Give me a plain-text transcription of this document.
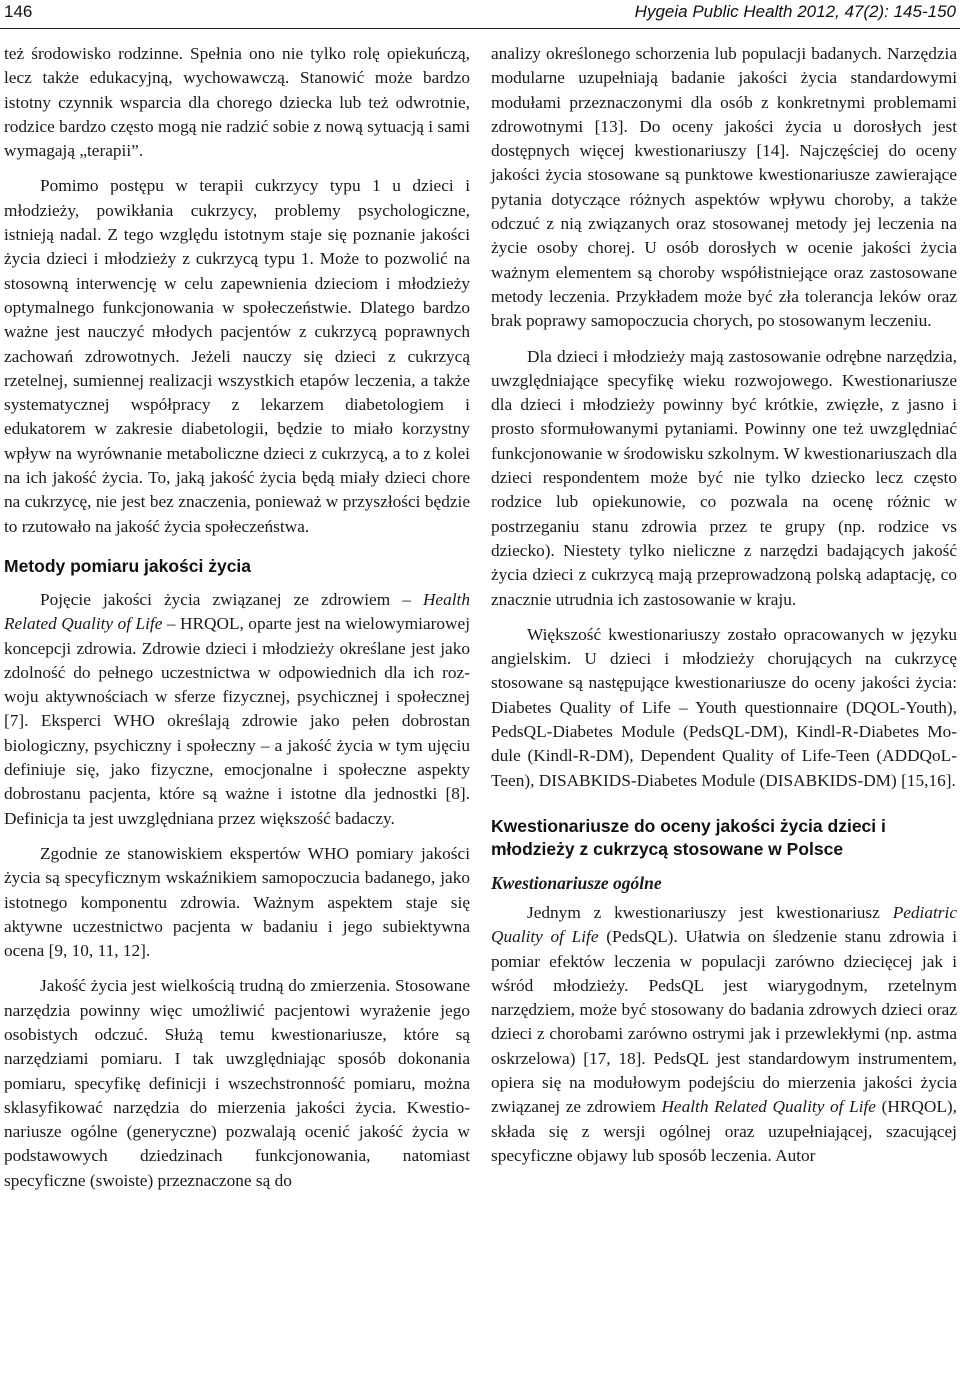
146	Hygeia Public Health 2012, 47(2): 145-150

też środowisko rodzinne. Spełnia ono nie tylko rolę opiekuńczą, lecz także edukacyjną, wychowawczą. Stanowić może bardzo istotny czynnik wsparcia dla chorego dziecka lub też odwrotnie, rodzice bardzo często mogą nie radzić sobie z nową sytuacją i sami wymagają „terapii”.

Pomimo postępu w terapii cukrzycy typu 1 u dzieci i młodzieży, powikłania cukrzycy, problemy psychologiczne, istnieją nadal. Z tego względu istotnym staje się poznanie jakości życia dzieci i młodzieży z cukrzycą typu 1. Może to pozwolić na stosowną interwencję w celu zapewnienia dzieciom i młodzieży optymalnego funkcjonowania w społeczeństwie. Dlatego bardzo ważne jest nauczyć młodych pacjentów z cukrzycą poprawnych zachowań zdrowotnych. Jeżeli nauczy się dzieci z cukrzycą rzetelnej, sumiennej realizacji wszystkich etapów leczenia, a także systematycznej współpracy z lekarzem diabetologiem i edukatorem w zakresie diabetologii, będzie to miało korzystny wpływ na wyrównanie metaboliczne dzieci z cukrzycą, a to z kolei na ich jakość życia. To, jaką jakość życia będą miały dzieci chore na cukrzycę, nie jest bez znaczenia, ponieważ w przyszłości będzie to rzutowało na jakość życia społeczeństwa.

Metody pomiaru jakości życia

Pojęcie jakości życia związanej ze zdrowiem – Health Related Quality of Life – HRQOL, oparte jest na wielowymiarowej koncepcji zdrowia. Zdrowie dzieci i młodzieży określane jest jako zdolność do pełnego uczestnictwa w odpowiednich dla ich rozwoju aktywnościach w sferze fizycznej, psychicznej i społecznej [7]. Eksperci WHO określają zdrowie jako pełen dobrostan biologiczny, psychiczny i społeczny – a jakość życia w tym ujęciu definiuje się, jako fizyczne, emocjonalne i społeczne aspekty dobrostanu pacjenta, które są ważne i istotne dla jednostki [8]. Definicja ta jest uwzględniana przez większość badaczy.

Zgodnie ze stanowiskiem ekspertów WHO pomiary jakości życia są specyficznym wskaźnikiem samopoczucia badanego, jako istotnego komponentu zdrowia. Ważnym aspektem staje się aktywne uczestnictwo pacjenta w badaniu i jego subiektywna ocena [9, 10, 11, 12].

Jakość życia jest wielkością trudną do zmierzenia. Stosowane narzędzia powinny więc umożliwić pacjentowi wyrażenie jego osobistych odczuć. Służą temu kwestionariusze, które są narzędziami pomiaru. I tak uwzględniając sposób dokonania pomiaru, specyfikę definicji i wszechstronność pomiaru, można sklasyfikować narzędzia do mierzenia jakości życia. Kwestionariusze ogólne (generyczne) pozwalają ocenić jakość życia w podstawowych dziedzinach funkcjonowania, natomiast specyficzne (swoiste) przeznaczone są do

analizy określonego schorzenia lub populacji badanych. Narzędzia modularne uzupełniają badanie jakości życia standardowymi modułami przeznaczonymi dla osób z konkretnymi problemami zdrowotnymi [13]. Do oceny jakości życia u dorosłych jest dostępnych więcej kwestionariuszy [14]. Najczęściej do oceny jakości życia stosowane są punktowe kwestionariusze zawierające pytania dotyczące różnych aspektów wpływu choroby, a także odczuć z nią związanych oraz stosowanej metody jej leczenia na życie osoby chorej. U osób dorosłych w ocenie jakości życia ważnym elementem są choroby współistniejące oraz zastosowane metody leczenia. Przykładem może być zła tolerancja leków oraz brak poprawy samopoczucia chorych, po stosowanym leczeniu.

Dla dzieci i młodzieży mają zastosowanie odrębne narzędzia, uwzględniające specyfikę wieku rozwojowego. Kwestionariusze dla dzieci i młodzieży powinny być krótkie, zwięzłe, z jasno i prosto sformułowanymi pytaniami. Powinny one też uwzględniać funkcjonowanie w środowisku szkolnym. W kwestionariuszach dla dzieci respondentem może być nie tylko dziecko lecz często rodzice lub opiekunowie, co pozwala na ocenę różnic w postrzeganiu stanu zdrowia przez te grupy (np. rodzice vs dziecko). Niestety tylko nieliczne z narzędzi badających jakość życia dzieci z cukrzycą mają przeprowadzoną polską adaptację, co znacznie utrudnia ich zastosowanie w kraju.

Większość kwestionariuszy zostało opracowanych w języku angielskim. U dzieci i młodzieży chorujących na cukrzycę stosowane są następujące kwestionariusze do oceny jakości życia: Diabetes Quality of Life – Youth questionnaire (DQOL-Youth), PedsQL-Diabetes Module (PedsQL-DM), Kindl-R-Diabetes Module (Kindl-R-DM), Dependent Quality of Life-Teen (ADDQoL-Teen), DISABKIDS-Diabetes Module (DISABKIDS-DM) [15,16].

Kwestionariusze do oceny jakości życia dzieci i młodzieży z cukrzycą stosowane w Polsce
Kwestionariusze ogólne

Jednym z kwestionariuszy jest kwestionariusz Pediatric Quality of Life (PedsQL). Ułatwia on śledzenie stanu zdrowia i pomiar efektów leczenia w populacji zarówno dziecięcej jak i wśród młodzieży. PedsQL jest wiarygodnym, rzetelnym narzędziem, może być stosowany do badania zdrowych dzieci oraz dzieci z chorobami zarówno ostrymi jak i przewlekłymi (np. astma oskrzelowa) [17, 18]. PedsQL jest standardowym instrumentem, opiera się na modułowym podejściu do mierzenia jakości życia związanej ze zdrowiem Health Related Quality of Life (HRQOL), składa się z wersji ogólnej oraz uzupełniającej, szacującej specyficzne objawy lub sposób leczenia. Autor
